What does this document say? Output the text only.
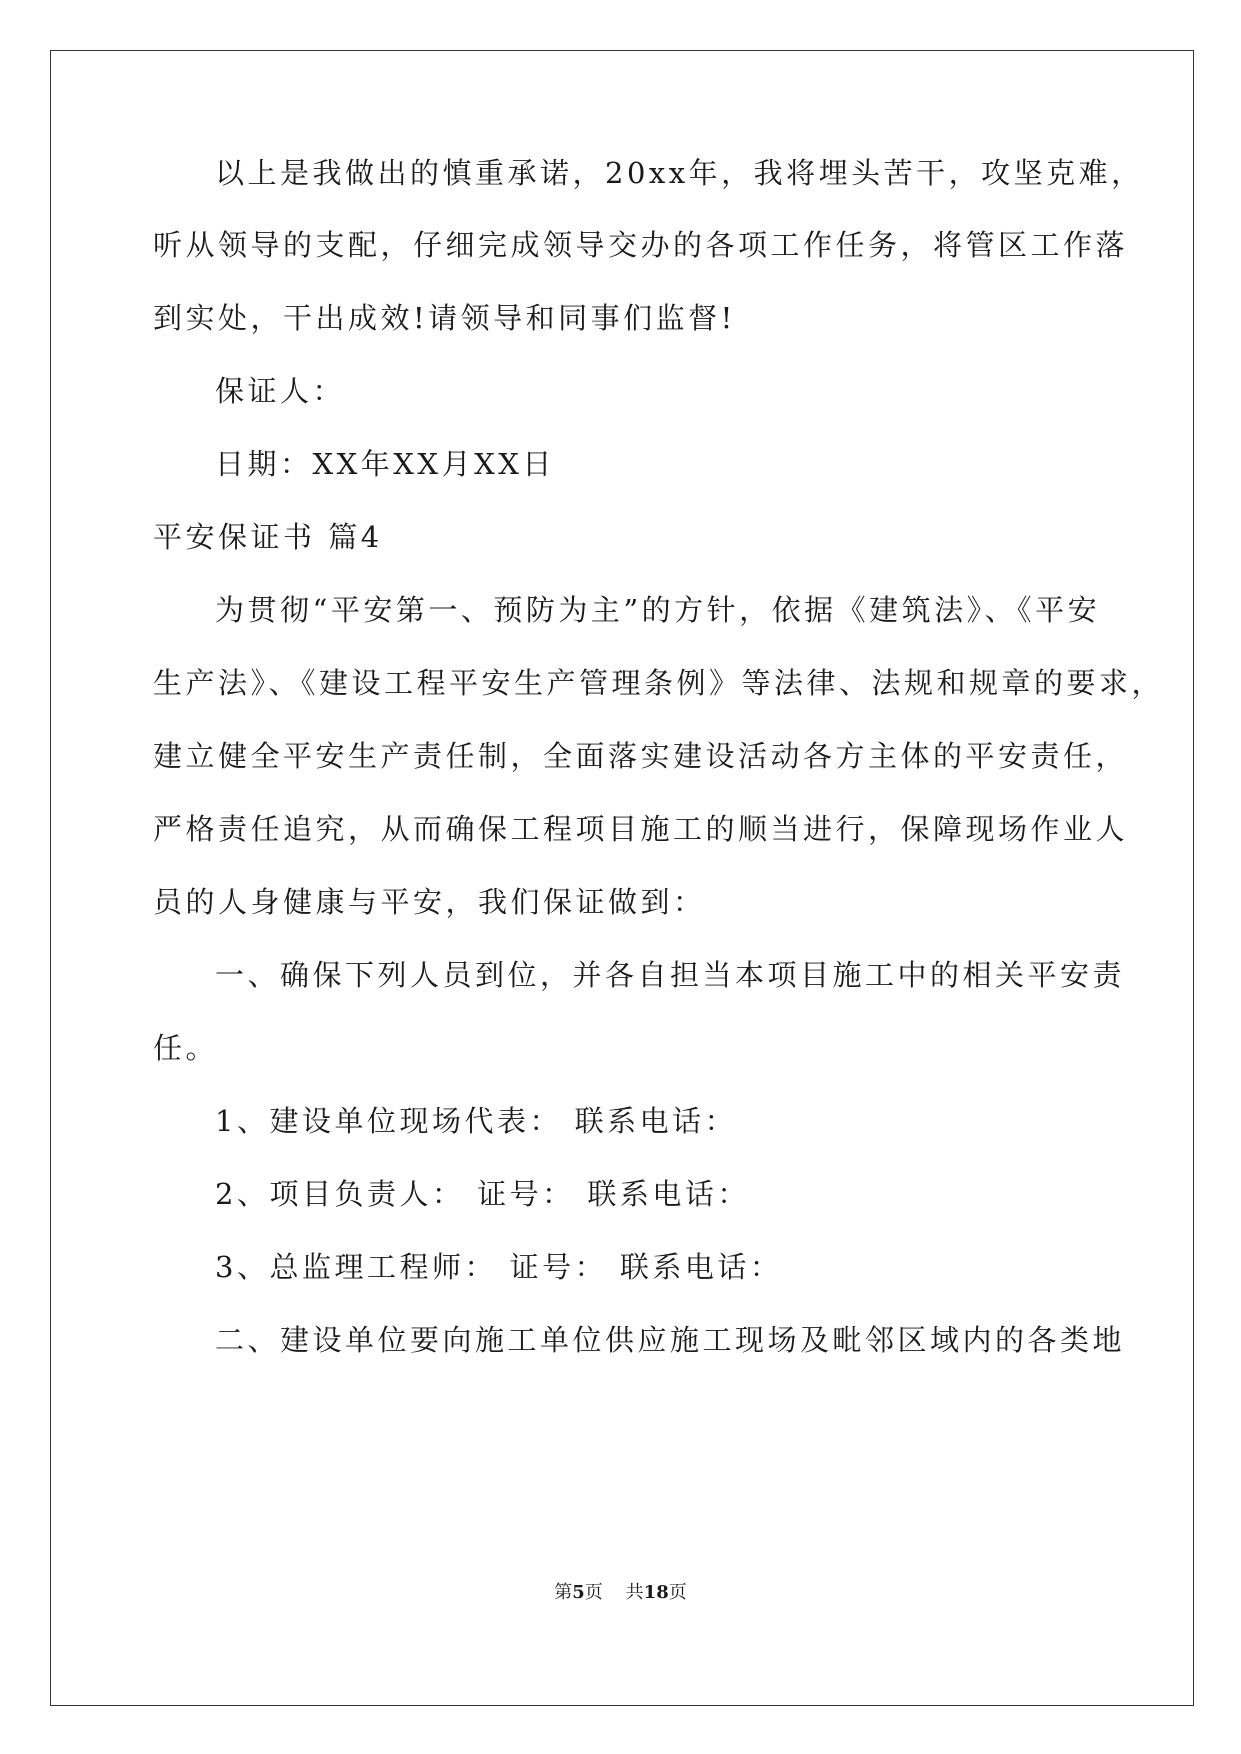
以上是我做出的慎重承诺，20xx年，我将埋头苦干，攻坚克难，
听从领导的支配，仔细完成领导交办的各项工作任务，将管区工作落
到实处，干出成效!请领导和同事们监督!
保证人：
日期：XX年XX月XX日
平安保证书 篇4
为贯彻“平安第一、预防为主”的方针，依据《建筑法》、《平安
生产法》、《建设工程平安生产管理条例》等法律、法规和规章的要求，
建立健全平安生产责任制，全面落实建设活动各方主体的平安责任，
严格责任追究，从而确保工程项目施工的顺当进行，保障现场作业人
员的人身健康与平安，我们保证做到：
一、确保下列人员到位，并各自担当本项目施工中的相关平安责
任。
1、建设单位现场代表： 联系电话：
2、项目负责人： 证号： 联系电话：
3、总监理工程师： 证号： 联系电话：
二、建设单位要向施工单位供应施工现场及毗邻区域内的各类地
第5页 共18页
